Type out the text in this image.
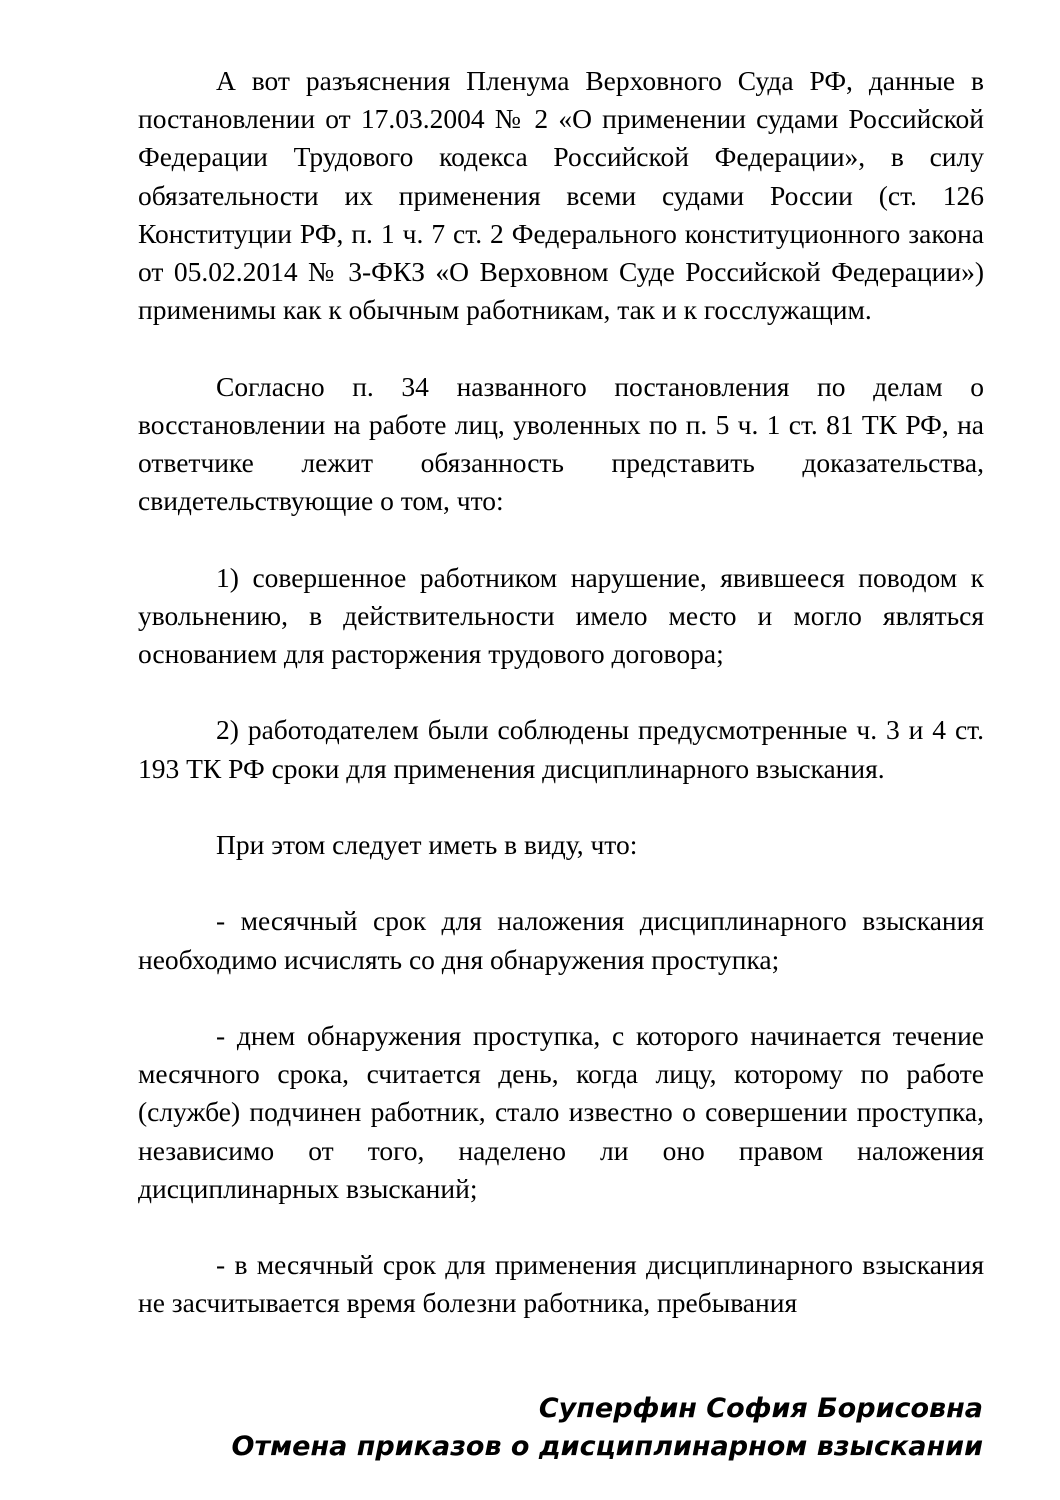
А вот разъяснения Пленума Верховного Суда РФ, данные в постановлении от 17.03.2004 № 2 «О применении судами Российской Федерации Трудового кодекса Российской Федерации», в силу обязательности их применения всеми судами России (ст. 126 Конституции РФ, п. 1 ч. 7 ст. 2 Федерального конституционного закона от 05.02.2014 № 3-ФКЗ «О Верховном Суде Российской Федерации») применимы как к обычным работникам, так и к госслужащим.

Согласно п. 34 названного постановления по делам о восстановлении на работе лиц, уволенных по п. 5 ч. 1 ст. 81 ТК РФ, на ответчике лежит обязанность представить доказательства, свидетельствующие о том, что:

1) совершенное работником нарушение, явившееся поводом к увольнению, в действительности имело место и могло являться основанием для расторжения трудового договора;

2) работодателем были соблюдены предусмотренные ч. 3 и 4 ст. 193 ТК РФ сроки для применения дисциплинарного взыскания.

При этом следует иметь в виду, что:

- месячный срок для наложения дисциплинарного взыскания необходимо исчислять со дня обнаружения проступка;

- днем обнаружения проступка, с которого начинается течение месячного срока, считается день, когда лицу, которому по работе (службе) подчинен работник, стало известно о совершении проступка, независимо от того, наделено ли оно правом наложения дисциплинарных взысканий;

- в месячный срок для применения дисциплинарного взыскания не засчитывается время болезни работника, пребывания

Суперфин София Борисовна
Отмена приказов о дисциплинарном взыскании
